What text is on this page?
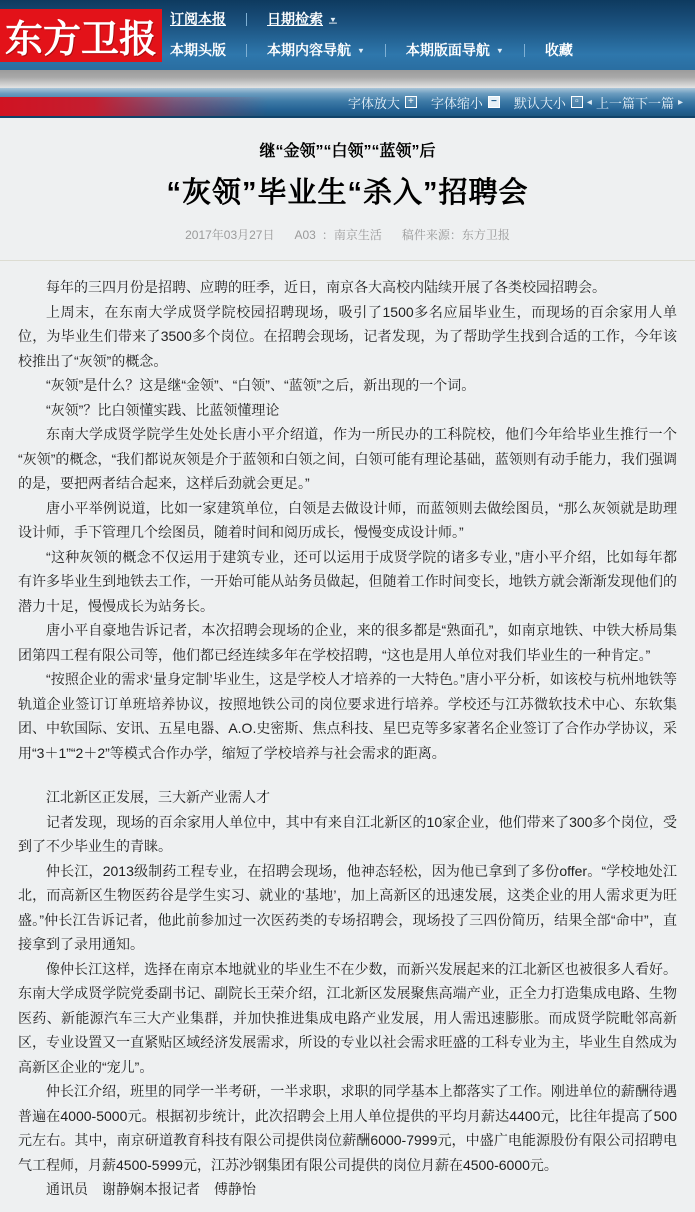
东方卫报 订阅本报	日期检索 ▼
本期头版	本期内容导航 ▼	本期版面导航 ▼	收藏
字体放大 + 字体缩小 − 默认大小 ▫ ◂ 上一篇 下一篇 ▸
继“金领”“白领”“蓝领”后
“灰领”毕业生“杀入”招聘会
2017年03月27日 A03 ：南京生活 稿件来源：东方卫报

每年的三四月份是招聘、应聘的旺季，近日，南京各大高校内陆续开展了各类校园招聘会。

上周末，在东南大学成贤学院校园招聘现场，吸引了1500多名应届毕业生，而现场的百余家用人单位，为毕业生们带来了3500多个岗位。在招聘会现场，记者发现，为了帮助学生找到合适的工作，今年该校推出了“灰领”的概念。

“灰领”是什么？这是继“金领”、“白领”、“蓝领”之后，新出现的一个词。

“灰领”？比白领懂实践、比蓝领懂理论

东南大学成贤学院学生处处长唐小平介绍道，作为一所民办的工科院校，他们今年给毕业生推行一个“灰领”的概念，“我们都说灰领是介于蓝领和白领之间，白领可能有理论基础，蓝领则有动手能力，我们强调的是，要把两者结合起来，这样后劲就会更足。”

唐小平举例说道，比如一家建筑单位，白领是去做设计师，而蓝领则去做绘图员，“那么灰领就是助理设计师，手下管理几个绘图员，随着时间和阅历成长，慢慢变成设计师。”

“这种灰领的概念不仅运用于建筑专业，还可以运用于成贤学院的诸多专业，”唐小平介绍，比如每年都有许多毕业生到地铁去工作，一开始可能从站务员做起，但随着工作时间变长，地铁方就会渐渐发现他们的潜力十足，慢慢成长为站务长。

唐小平自豪地告诉记者，本次招聘会现场的企业，来的很多都是“熟面孔”，如南京地铁、中铁大桥局集团第四工程有限公司等，他们都已经连续多年在学校招聘，“这也是用人单位对我们毕业生的一种肯定。”

“按照企业的需求‘量身定制’毕业生，这是学校人才培养的一大特色。”唐小平分析，如该校与杭州地铁等轨道企业签订订单班培养协议，按照地铁公司的岗位要求进行培养。学校还与江苏微软技术中心、东软集团、中软国际、安讯、五星电器、A.O.史密斯、焦点科技、星巴克等多家著名企业签订了合作办学协议，采用“3＋1”“2＋2”等模式合作办学，缩短了学校培养与社会需求的距离。

江北新区正发展，三大新产业需人才

记者发现，现场的百余家用人单位中，其中有来自江北新区的10家企业，他们带来了300多个岗位，受到了不少毕业生的青睐。

仲长江，2013级制药工程专业，在招聘会现场，他神态轻松，因为他已拿到了多份offer。“学校地处江北，而高新区生物医药谷是学生实习、就业的‘基地’，加上高新区的迅速发展，这类企业的用人需求更为旺盛。”仲长江告诉记者，他此前参加过一次医药类的专场招聘会，现场投了三四份简历，结果全部“命中”，直接拿到了录用通知。

像仲长江这样，选择在南京本地就业的毕业生不在少数，而新兴发展起来的江北新区也被很多人看好。东南大学成贤学院党委副书记、副院长王荣介绍，江北新区发展聚焦高端产业，正全力打造集成电路、生物医药、新能源汽车三大产业集群，并加快推进集成电路产业发展，用人需迅速膨胀。而成贤学院毗邻高新区，专业设置又一直紧贴区域经济发展需求，所设的专业以社会需求旺盛的工科专业为主，毕业生自然成为高新区企业的“宠儿”。

仲长江介绍，班里的同学一半考研，一半求职，求职的同学基本上都落实了工作。刚进单位的薪酬待遇普遍在4000-5000元。根据初步统计，此次招聘会上用人单位提供的平均月薪达4400元，比往年提高了500元左右。其中，南京研道教育科技有限公司提供岗位薪酬6000-7999元，中盛广电能源股份有限公司招聘电气工程师，月薪4500-5999元，江苏沙钢集团有限公司提供的岗位月薪在4500-6000元。

通讯员　谢静娴本报记者　傅静怡
